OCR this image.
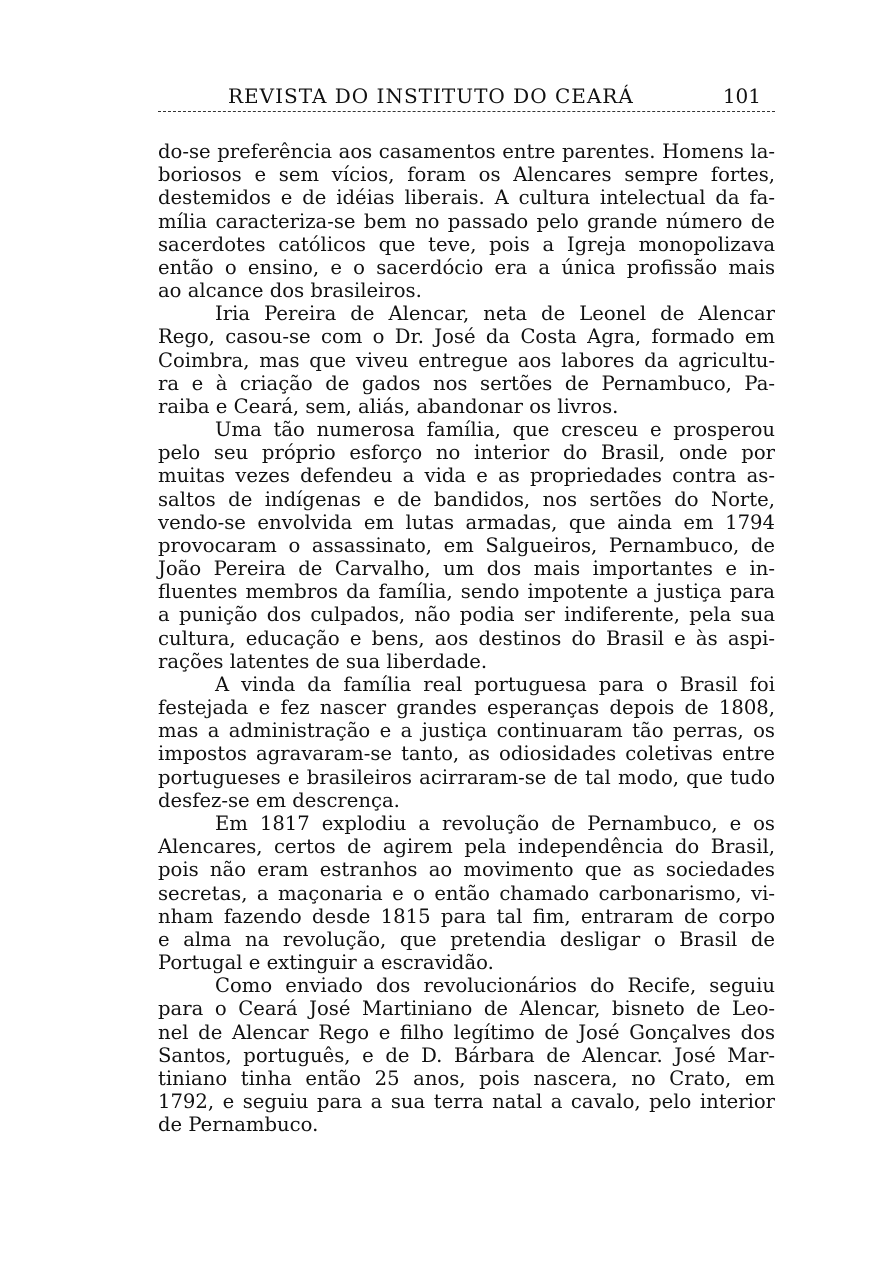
REVISTA DO INSTITUTO DO CEARÁ	101
do-se preferência aos casamentos entre parentes. Homens la-
boriosos e sem vícios, foram os Alencares sempre fortes,
destemidos e de idéias liberais. A cultura intelectual da fa-
mília caracteriza-se bem no passado pelo grande número de
sacerdotes católicos que teve, pois a Igreja monopolizava
então o ensino, e o sacerdócio era a única profissão mais
ao alcance dos brasileiros.
Iria Pereira de Alencar, neta de Leonel de Alencar
Rego, casou-se com o Dr. José da Costa Agra, formado em
Coimbra, mas que viveu entregue aos labores da agricultu-
ra e à criação de gados nos sertões de Pernambuco, Pa-
raiba e Ceará, sem, aliás, abandonar os livros.
Uma tão numerosa família, que cresceu e prosperou
pelo seu próprio esforço no interior do Brasil, onde por
muitas vezes defendeu a vida e as propriedades contra as-
saltos de indígenas e de bandidos, nos sertões do Norte,
vendo-se envolvida em lutas armadas, que ainda em 1794
provocaram o assassinato, em Salgueiros, Pernambuco, de
João Pereira de Carvalho, um dos mais importantes e in-
fluentes membros da família, sendo impotente a justiça para
a punição dos culpados, não podia ser indiferente, pela sua
cultura, educação e bens, aos destinos do Brasil e às aspi-
rações latentes de sua liberdade.
A vinda da família real portuguesa para o Brasil foi
festejada e fez nascer grandes esperanças depois de 1808,
mas a administração e a justiça continuaram tão perras, os
impostos agravaram-se tanto, as odiosidades coletivas entre
portugueses e brasileiros acirraram-se de tal modo, que tudo
desfez-se em descrença.
Em 1817 explodiu a revolução de Pernambuco, e os
Alencares, certos de agirem pela independência do Brasil,
pois não eram estranhos ao movimento que as sociedades
secretas, a maçonaria e o então chamado carbonarismo, vi-
nham fazendo desde 1815 para tal fim, entraram de corpo
e alma na revolução, que pretendia desligar o Brasil de
Portugal e extinguir a escravidão.
Como enviado dos revolucionários do Recife, seguiu
para o Ceará José Martiniano de Alencar, bisneto de Leo-
nel de Alencar Rego e filho legítimo de José Gonçalves dos
Santos, português, e de D. Bárbara de Alencar. José Mar-
tiniano tinha então 25 anos, pois nascera, no Crato, em
1792, e seguiu para a sua terra natal a cavalo, pelo interior
de Pernambuco.
